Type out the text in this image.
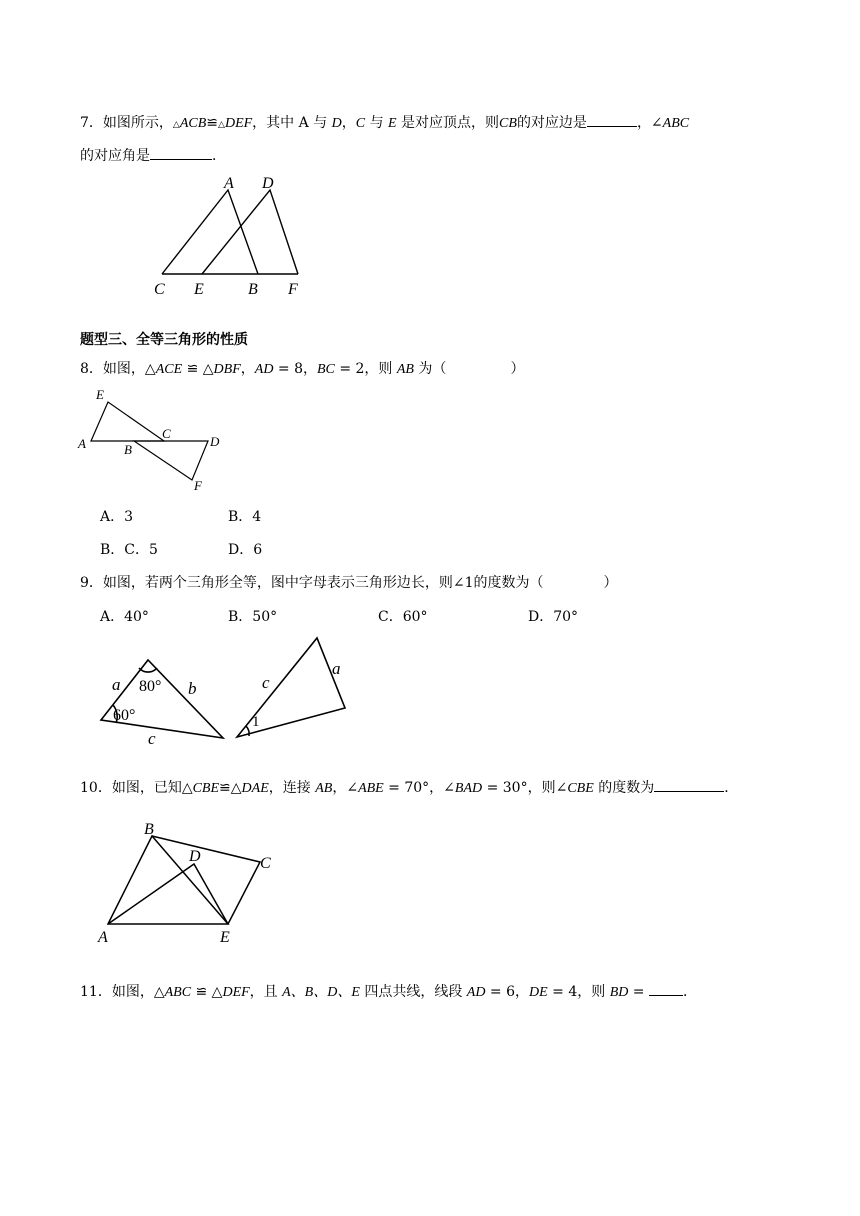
7．如图所示，△ACB≌△DEF，其中 A 与 D，C 与 E 是对应顶点，则CB的对应边是	，∠ABC
的对应角是	．
A D
C E	B F
题型三、全等三角形的性质
8．如图，△ACE ≌ △DBF，AD = 8，BC = 2，则 AB 为（	）
E
A
C
B
D
F
A．3	B．4
B．C．5	D．6
9．如图，若两个三角形全等，图中字母表示三角形边长，则∠1的度数为（	）
A．40°	B．50°	C．60°	D．70°
a	b
c
c
a
80°
60°	1
10．如图，已知△CBE≌△DAE，连接 AB，∠ABE = 70°，∠BAD = 30°，则∠CBE 的度数为	．
B
D	C
A	E
11．如图，△ABC ≌ △DEF，且 A、B、D、E 四点共线，线段 AD = 6，DE = 4，则 BD = ．
